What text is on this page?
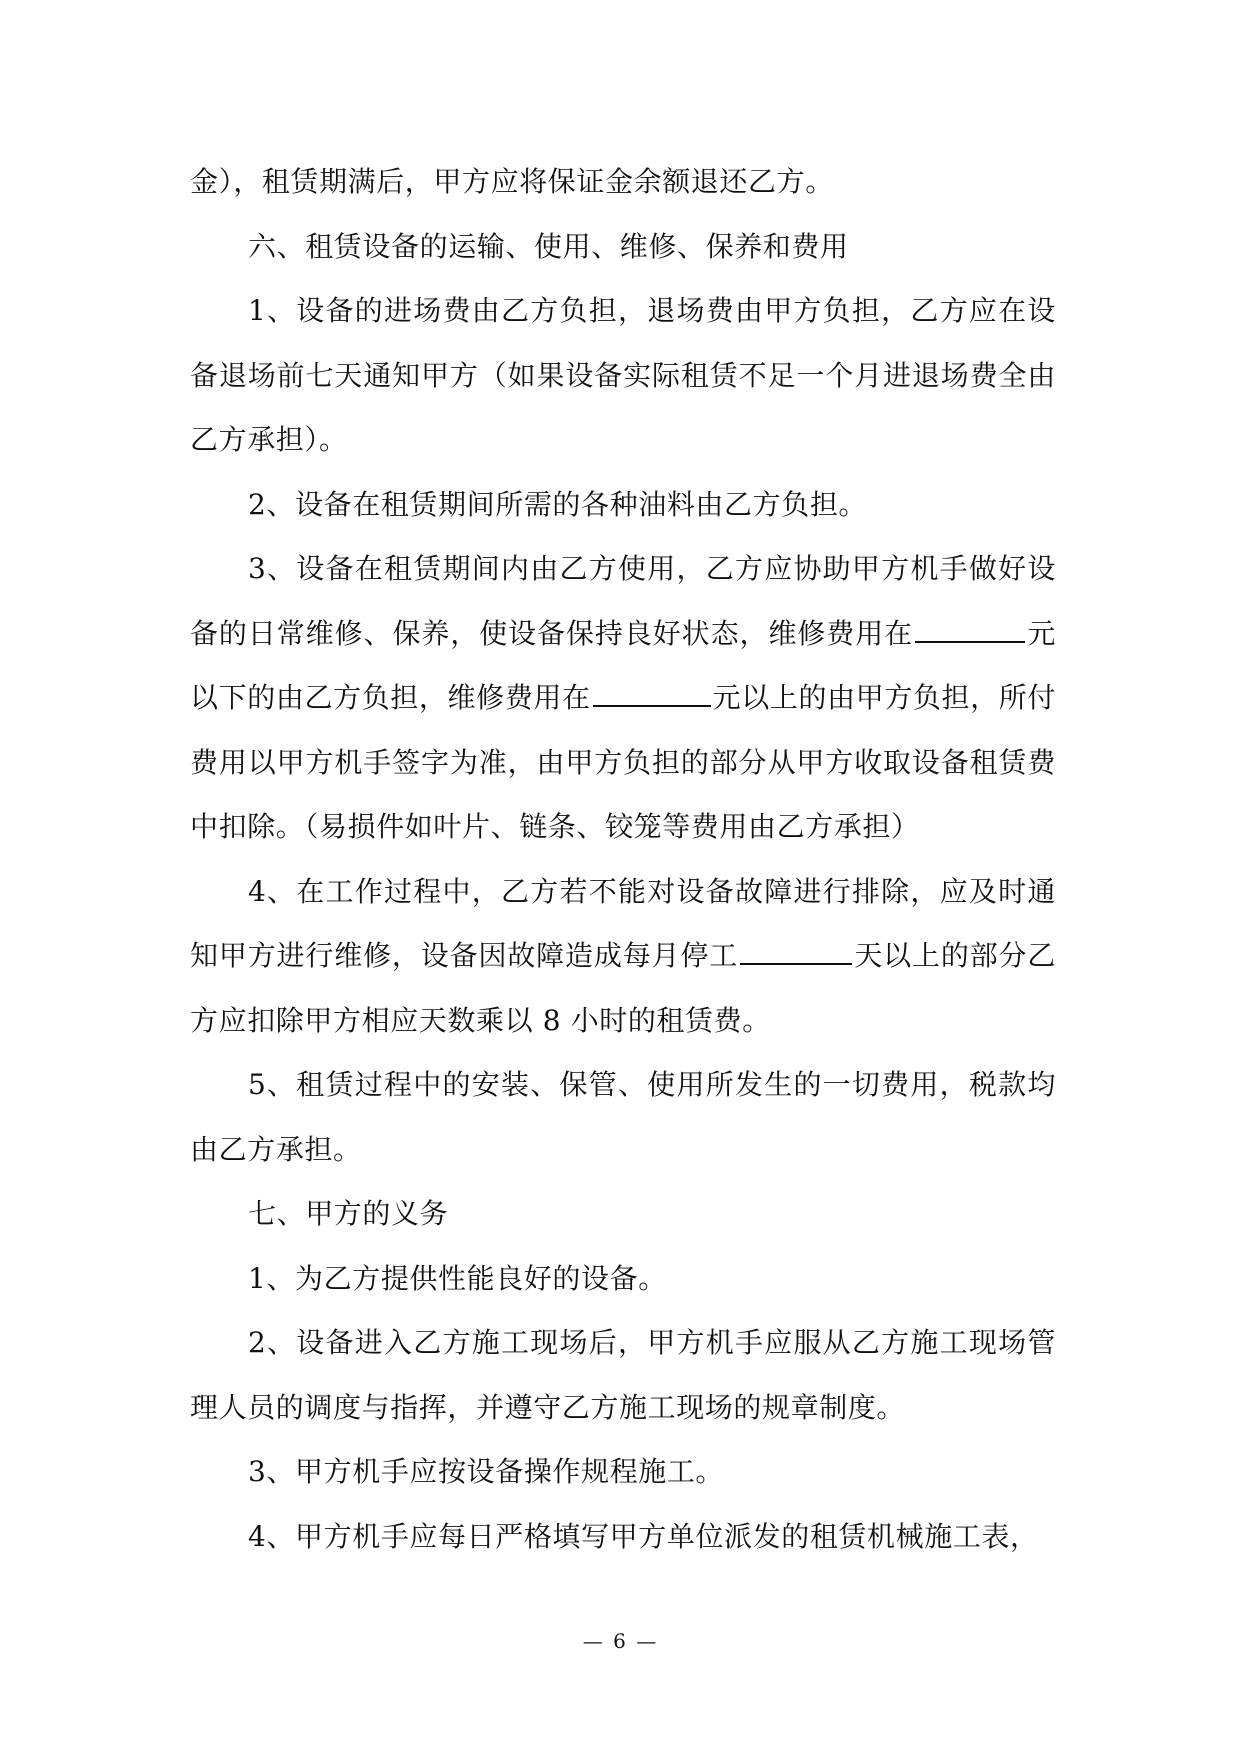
金），租赁期满后，甲方应将保证金余额退还乙方。

六、租赁设备的运输、使用、维修、保养和费用

1、设备的进场费由乙方负担，退场费由甲方负担，乙方应在设备退场前七天通知甲方（如果设备实际租赁不足一个月进退场费全由乙方承担）。

2、设备在租赁期间所需的各种油料由乙方负担。

3、设备在租赁期间内由乙方使用，乙方应协助甲方机手做好设备的日常维修、保养，使设备保持良好状态，维修费用在	元以下的由乙方负担，维修费用在	元以上的由甲方负担，所付费用以甲方机手签字为准，由甲方负担的部分从甲方收取设备租赁费中扣除。（易损件如叶片、链条、铰笼等费用由乙方承担）

4、在工作过程中，乙方若不能对设备故障进行排除，应及时通知甲方进行维修，设备因故障造成每月停工	天以上的部分乙方应扣除甲方相应天数乘以 8 小时的租赁费。

5、租赁过程中的安装、保管、使用所发生的一切费用，税款均由乙方承担。

七、甲方的义务

1、为乙方提供性能良好的设备。

2、设备进入乙方施工现场后，甲方机手应服从乙方施工现场管理人员的调度与指挥，并遵守乙方施工现场的规章制度。

3、甲方机手应按设备操作规程施工。

4、甲方机手应每日严格填写甲方单位派发的租赁机械施工表，

— 6 —
